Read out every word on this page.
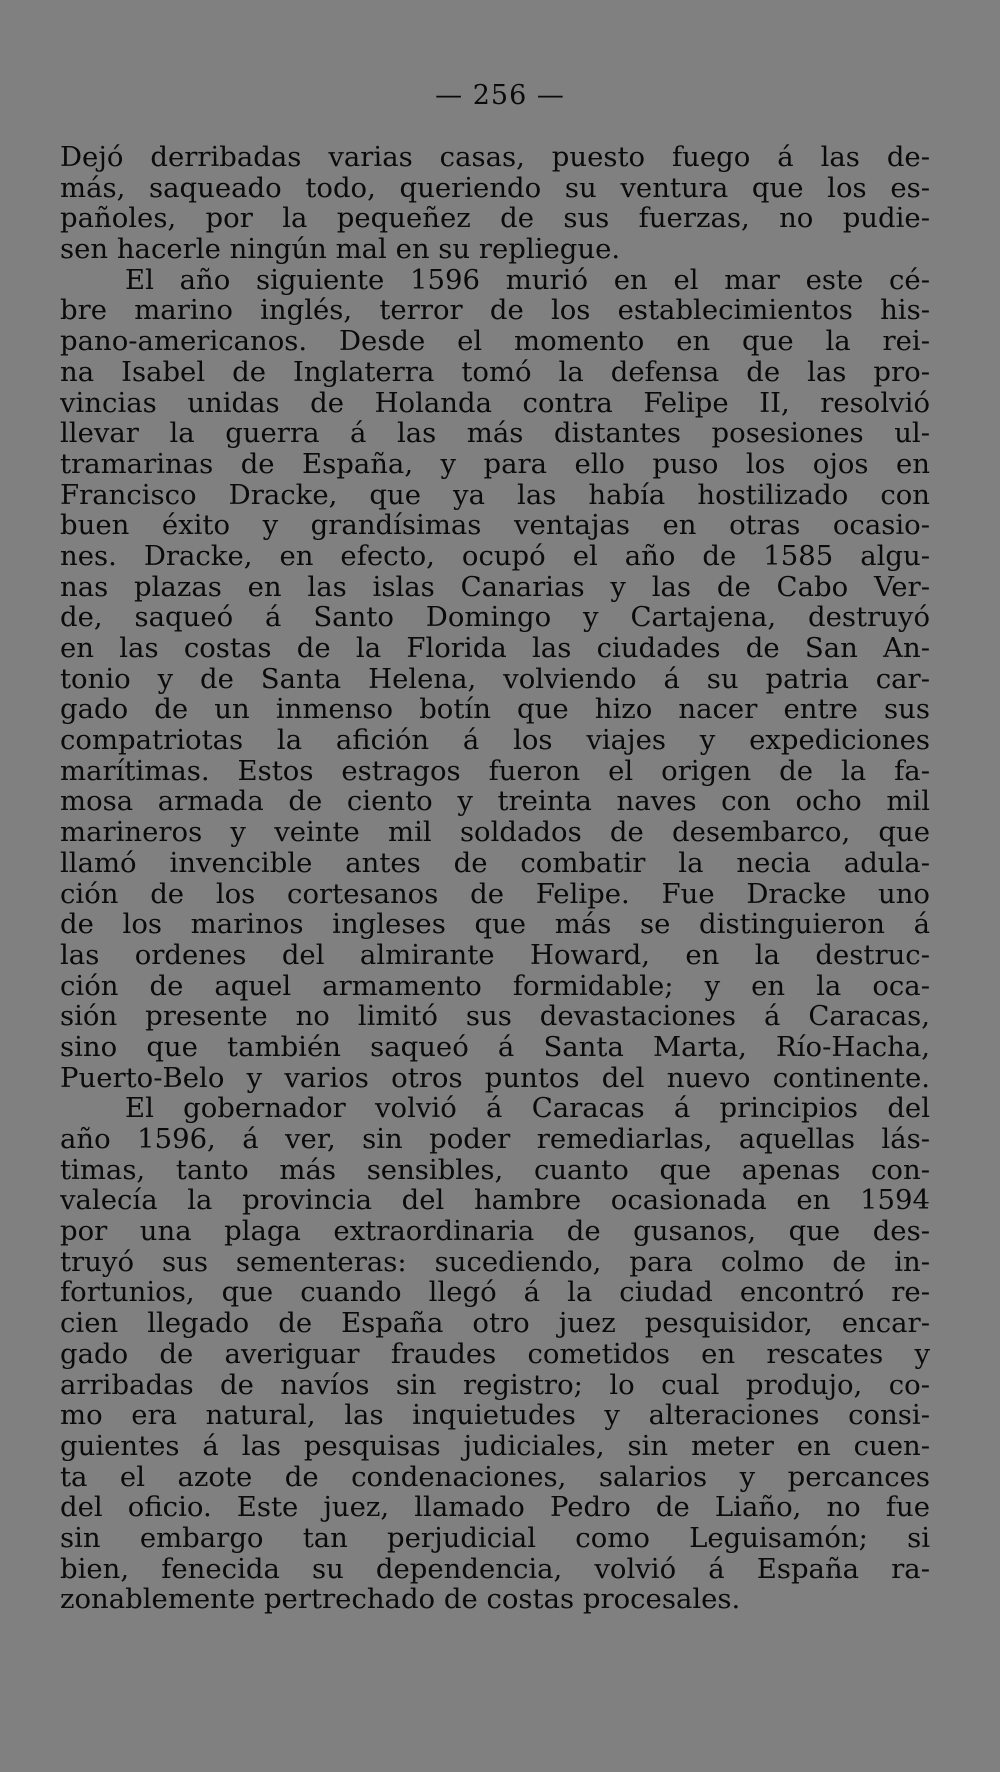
— 256 —
Dejó derribadas varias casas, puesto fuego á las de-
más, saqueado todo, queriendo su ventura que los es-
pañoles, por la pequeñez de sus fuerzas, no pudie-
sen hacerle ningún mal en su repliegue.
El año siguiente 1596 murió en el mar este cé-
bre marino inglés, terror de los establecimientos his-
pano-americanos. Desde el momento en que la rei-
na Isabel de Inglaterra tomó la defensa de las pro-
vincias unidas de Holanda contra Felipe II, resolvió
llevar la guerra á las más distantes posesiones ul-
tramarinas de España, y para ello puso los ojos en
Francisco Dracke, que ya las había hostilizado con
buen éxito y grandísimas ventajas en otras ocasio-
nes. Dracke, en efecto, ocupó el año de 1585 algu-
nas plazas en las islas Canarias y las de Cabo Ver-
de, saqueó á Santo Domingo y Cartajena, destruyó
en las costas de la Florida las ciudades de San An-
tonio y de Santa Helena, volviendo á su patria car-
gado de un inmenso botín que hizo nacer entre sus
compatriotas la afición á los viajes y expediciones
marítimas. Estos estragos fueron el origen de la fa-
mosa armada de ciento y treinta naves con ocho mil
marineros y veinte mil soldados de desembarco, que
llamó invencible antes de combatir la necia adula-
ción de los cortesanos de Felipe. Fue Dracke uno
de los marinos ingleses que más se distinguieron á
las ordenes del almirante Howard, en la destruc-
ción de aquel armamento formidable; y en la oca-
sión presente no limitó sus devastaciones á Caracas,
sino que también saqueó á Santa Marta, Río-Hacha,
Puerto-Belo y varios otros puntos del nuevo continente.
El gobernador volvió á Caracas á principios del
año 1596, á ver, sin poder remediarlas, aquellas lás-
timas, tanto más sensibles, cuanto que apenas con-
valecía la provincia del hambre ocasionada en 1594
por una plaga extraordinaria de gusanos, que des-
truyó sus sementeras: sucediendo, para colmo de in-
fortunios, que cuando llegó á la ciudad encontró re-
cien llegado de España otro juez pesquisidor, encar-
gado de averiguar fraudes cometidos en rescates y
arribadas de navíos sin registro; lo cual produjo, co-
mo era natural, las inquietudes y alteraciones consi-
guientes á las pesquisas judiciales, sin meter en cuen-
ta el azote de condenaciones, salarios y percances
del oficio. Este juez, llamado Pedro de Liaño, no fue
sin embargo tan perjudicial como Leguisamón; si
bien, fenecida su dependencia, volvió á España ra-
zonablemente pertrechado de costas procesales.
